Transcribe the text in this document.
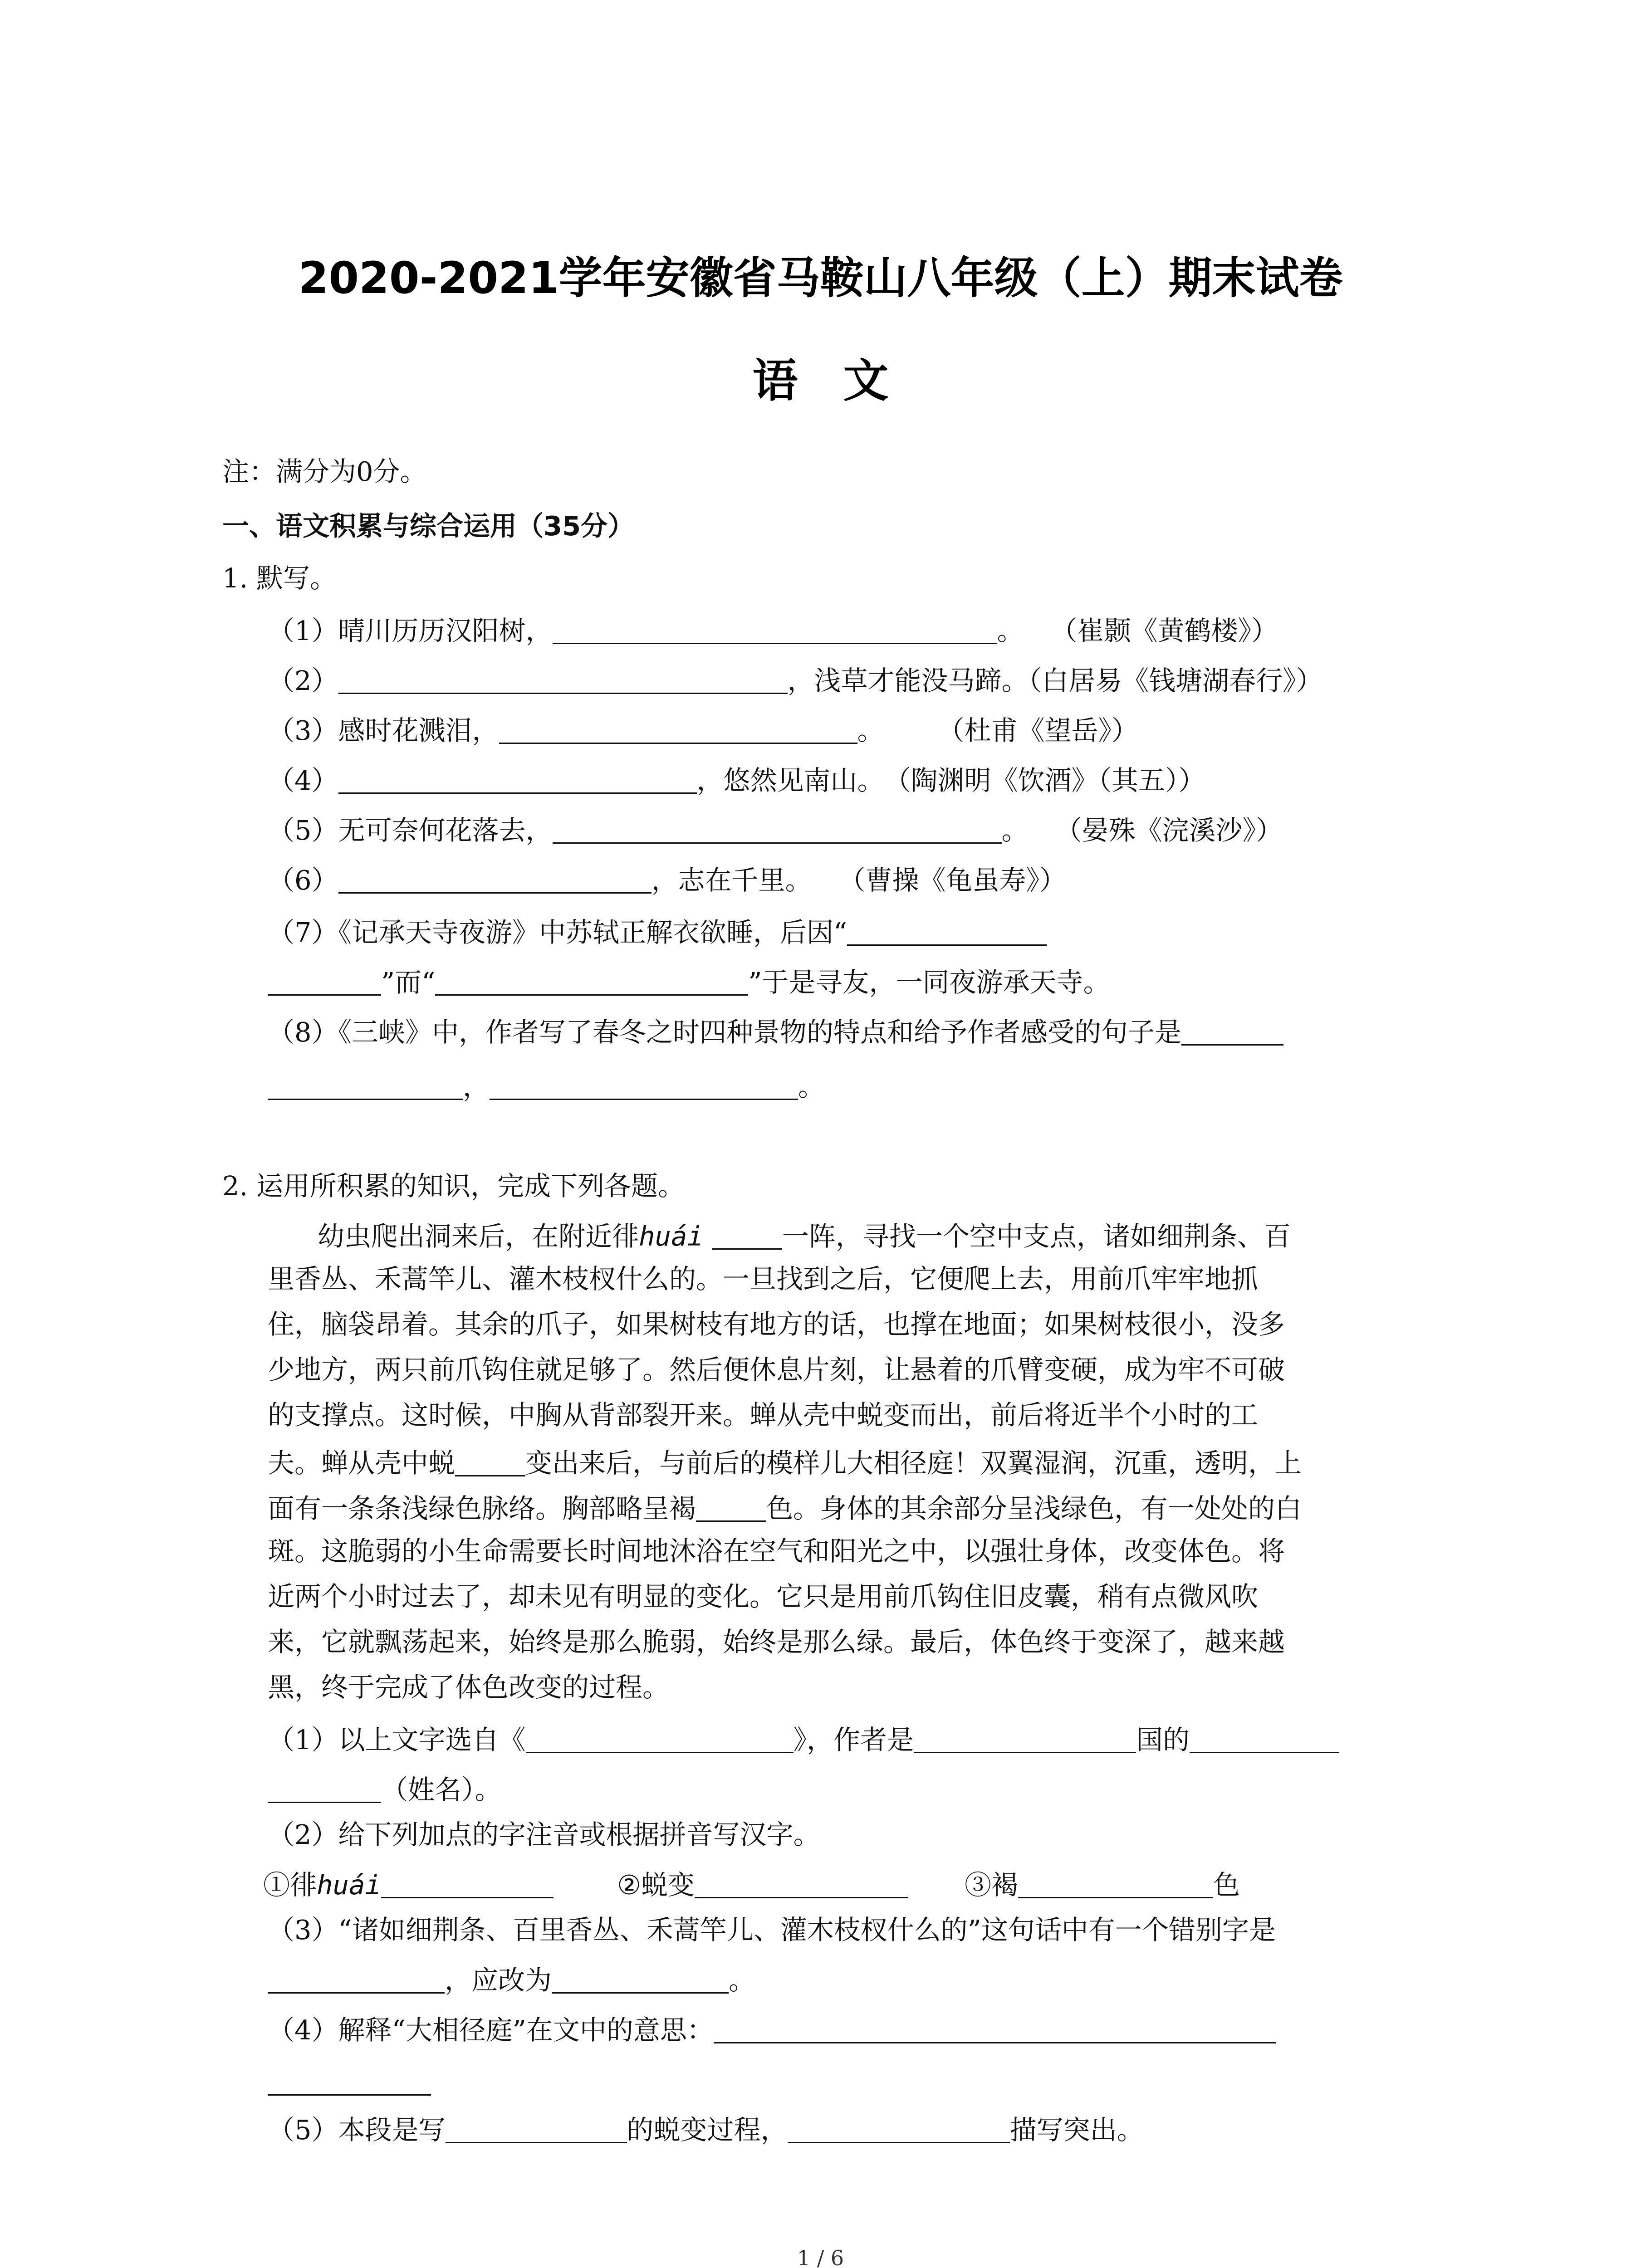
2020-2021学年安徽省马鞍山八年级（上）期末试卷
语　文
注：满分为0分。
一、语文积累与综合运用（35分）
1. 默写。
（1）晴川历历汉阳树，	。　　（崔颢《黄鹤楼》）
（2）	，浅草才能没马蹄。（白居易《钱塘湖春行》）
（3）感时花溅泪，	。　　　（杜甫《望岳》）
（4）	，悠然见南山。　（陶渊明《饮酒》（其五））
（5）无可奈何花落去，	。　　（晏殊《浣溪沙》）
（6）	，志在千里。　　（曹操《龟虽寿》）
（7）《记承天寺夜游》中苏轼正解衣欲睡，后因“
”而“	”于是寻友，一同夜游承天寺。
（8）《三峡》中，作者写了春冬之时四种景物的特点和给予作者感受的句子是
，	。
2. 运用所积累的知识，完成下列各题。
幼虫爬出洞来后，在附近徘huái	一阵，寻找一个空中支点，诸如细荆条、百
里香丛、禾蒿竿儿、灌木枝杈什么的。一旦找到之后，它便爬上去，用前爪牢牢地抓
住，脑袋昂着。其余的爪子，如果树枝有地方的话，也撑在地面；如果树枝很小，没多
少地方，两只前爪钩住就足够了。然后便休息片刻，让悬着的爪臂变硬，成为牢不可破
的支撑点。这时候，中胸从背部裂开来。蝉从壳中蜕变而出，前后将近半个小时的工
夫。蝉从壳中蜕	变出来后，与前后的模样儿大相径庭！双翼湿润，沉重，透明，上
面有一条条浅绿色脉络。胸部略呈褐	色。身体的其余部分呈浅绿色，有一处处的白
斑。这脆弱的小生命需要长时间地沐浴在空气和阳光之中，以强壮身体，改变体色。将
近两个小时过去了，却未见有明显的变化。它只是用前爪钩住旧皮囊，稍有点微风吹
来，它就飘荡起来，始终是那么脆弱，始终是那么绿。最后，体色终于变深了，越来越
黑，终于完成了体色改变的过程。
（1）以上文字选自《	》，作者是	国的
（姓名）。
（2）给下列加点的字注音或根据拼音写汉字。
①徘huái	②蜕变	③褐	色
（3）“诸如细荆条、百里香丛、禾蒿竿儿、灌木枝杈什么的”这句话中有一个错别字是
，应改为	。
（4）解释“大相径庭”在文中的意思：
（5）本段是写	的蜕变过程，	描写突出。
1 / 6
